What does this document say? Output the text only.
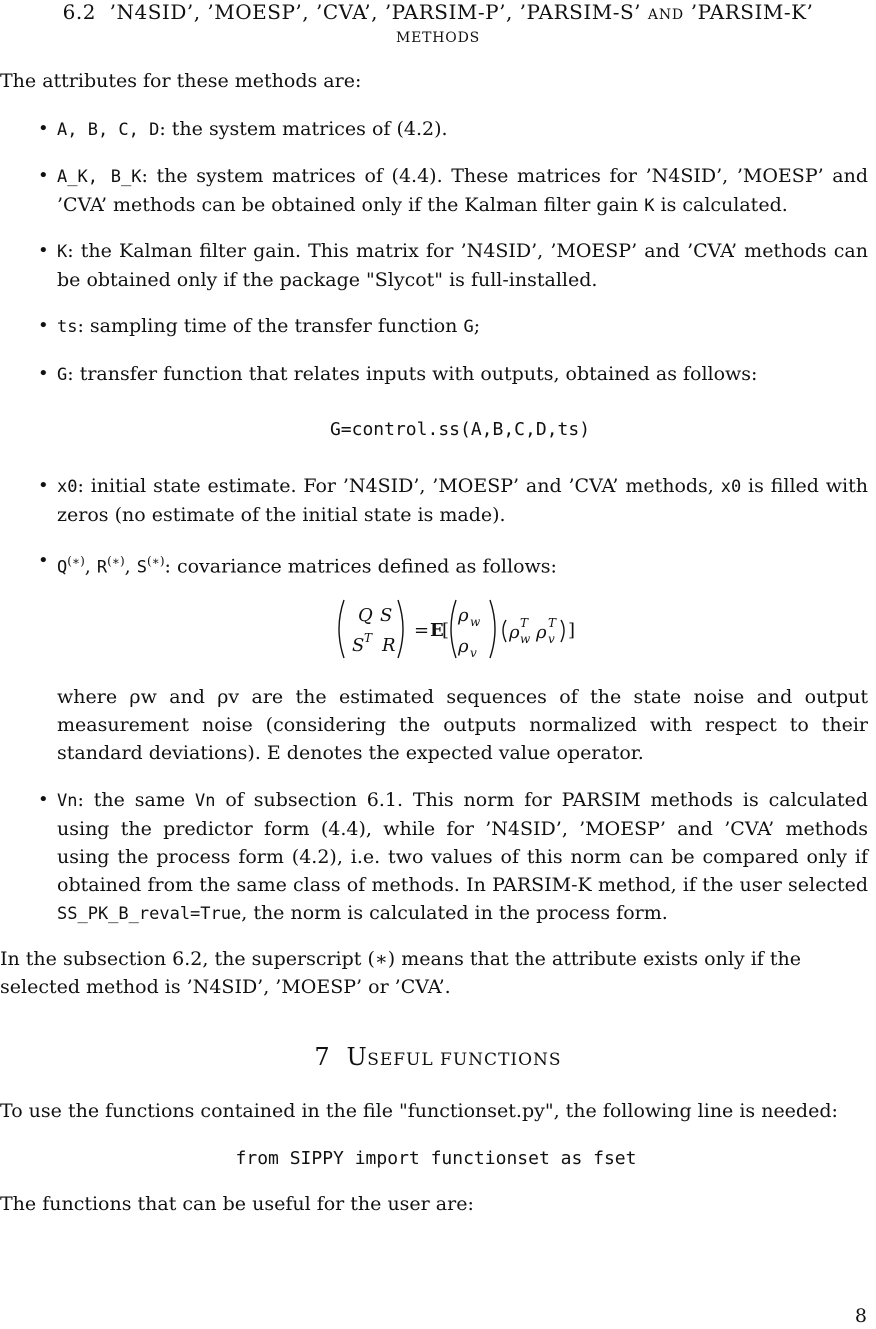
6.2 ’N4SID’, ’MOESP’, ’CVA’, ’PARSIM-P’, ’PARSIM-S’ AND ’PARSIM-K’
METHODS

The attributes for these methods are:

• A, B, C, D: the system matrices of (4.2).
• A_K, B_K: the system matrices of (4.4). These matrices for ’N4SID’, ’MOESP’ and ’CVA’ methods can be obtained only if the Kalman filter gain K is calculated.
• K: the Kalman filter gain. This matrix for ’N4SID’, ’MOESP’ and ’CVA’ methods can be obtained only if the package "Slycot" is full-installed.
• ts: sampling time of the transfer function G;
• G: transfer function that relates inputs with outputs, obtained as follows:
G=control.ss(A,B,C,D,ts)
• x0: initial state estimate. For ’N4SID’, ’MOESP’ and ’CVA’ methods, x0 is filled with zeros (no estimate of the initial state is made).
• Q(∗), R(∗), S(∗): covariance matrices defined as follows:
Q S
S T R
= E
[
ρ w
ρ v
ρ T
w ρ T
v ]
where ρw and ρv are the estimated sequences of the state noise and output measurement noise (considering the outputs normalized with respect to their standard deviations). E denotes the expected value operator.
• Vn: the same Vn of subsection 6.1. This norm for PARSIM methods is calculated using the predictor form (4.4), while for ’N4SID’, ’MOESP’ and ’CVA’ methods using the process form (4.2), i.e. two values of this norm can be compared only if obtained from the same class of methods. In PARSIM-K method, if the user selected SS_PK_B_reval=True, the norm is calculated in the process form.

In the subsection 6.2, the superscript (∗) means that the attribute exists only if the selected method is ’N4SID’, ’MOESP’ or ’CVA’.

7 USEFUL FUNCTIONS

To use the functions contained in the file "functionset.py", the following line is needed:

from SIPPY import functionset as fset

The functions that can be useful for the user are:

8
